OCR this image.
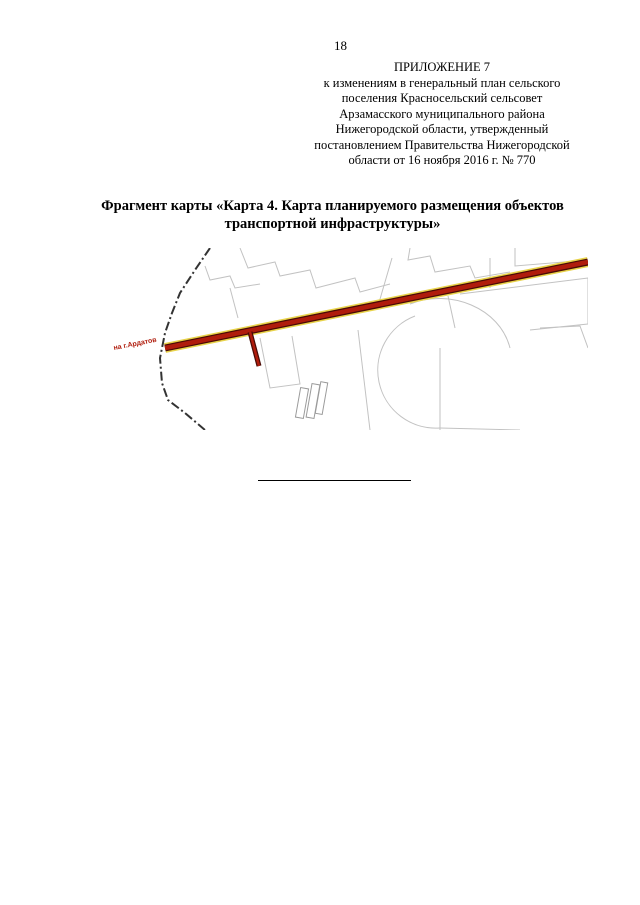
18
ПРИЛОЖЕНИЕ 7
к изменениям в генеральный план сельского
поселения Красносельский сельсовет
Арзамасского муниципального района
Нижегородской области, утвержденный
постановлением Правительства Нижегородской
области от 16 ноября 2016 г. № 770
Фрагмент карты «Карта 4. Карта планируемого размещения объектов
транспортной инфраструктуры»
на г.Ардатов
